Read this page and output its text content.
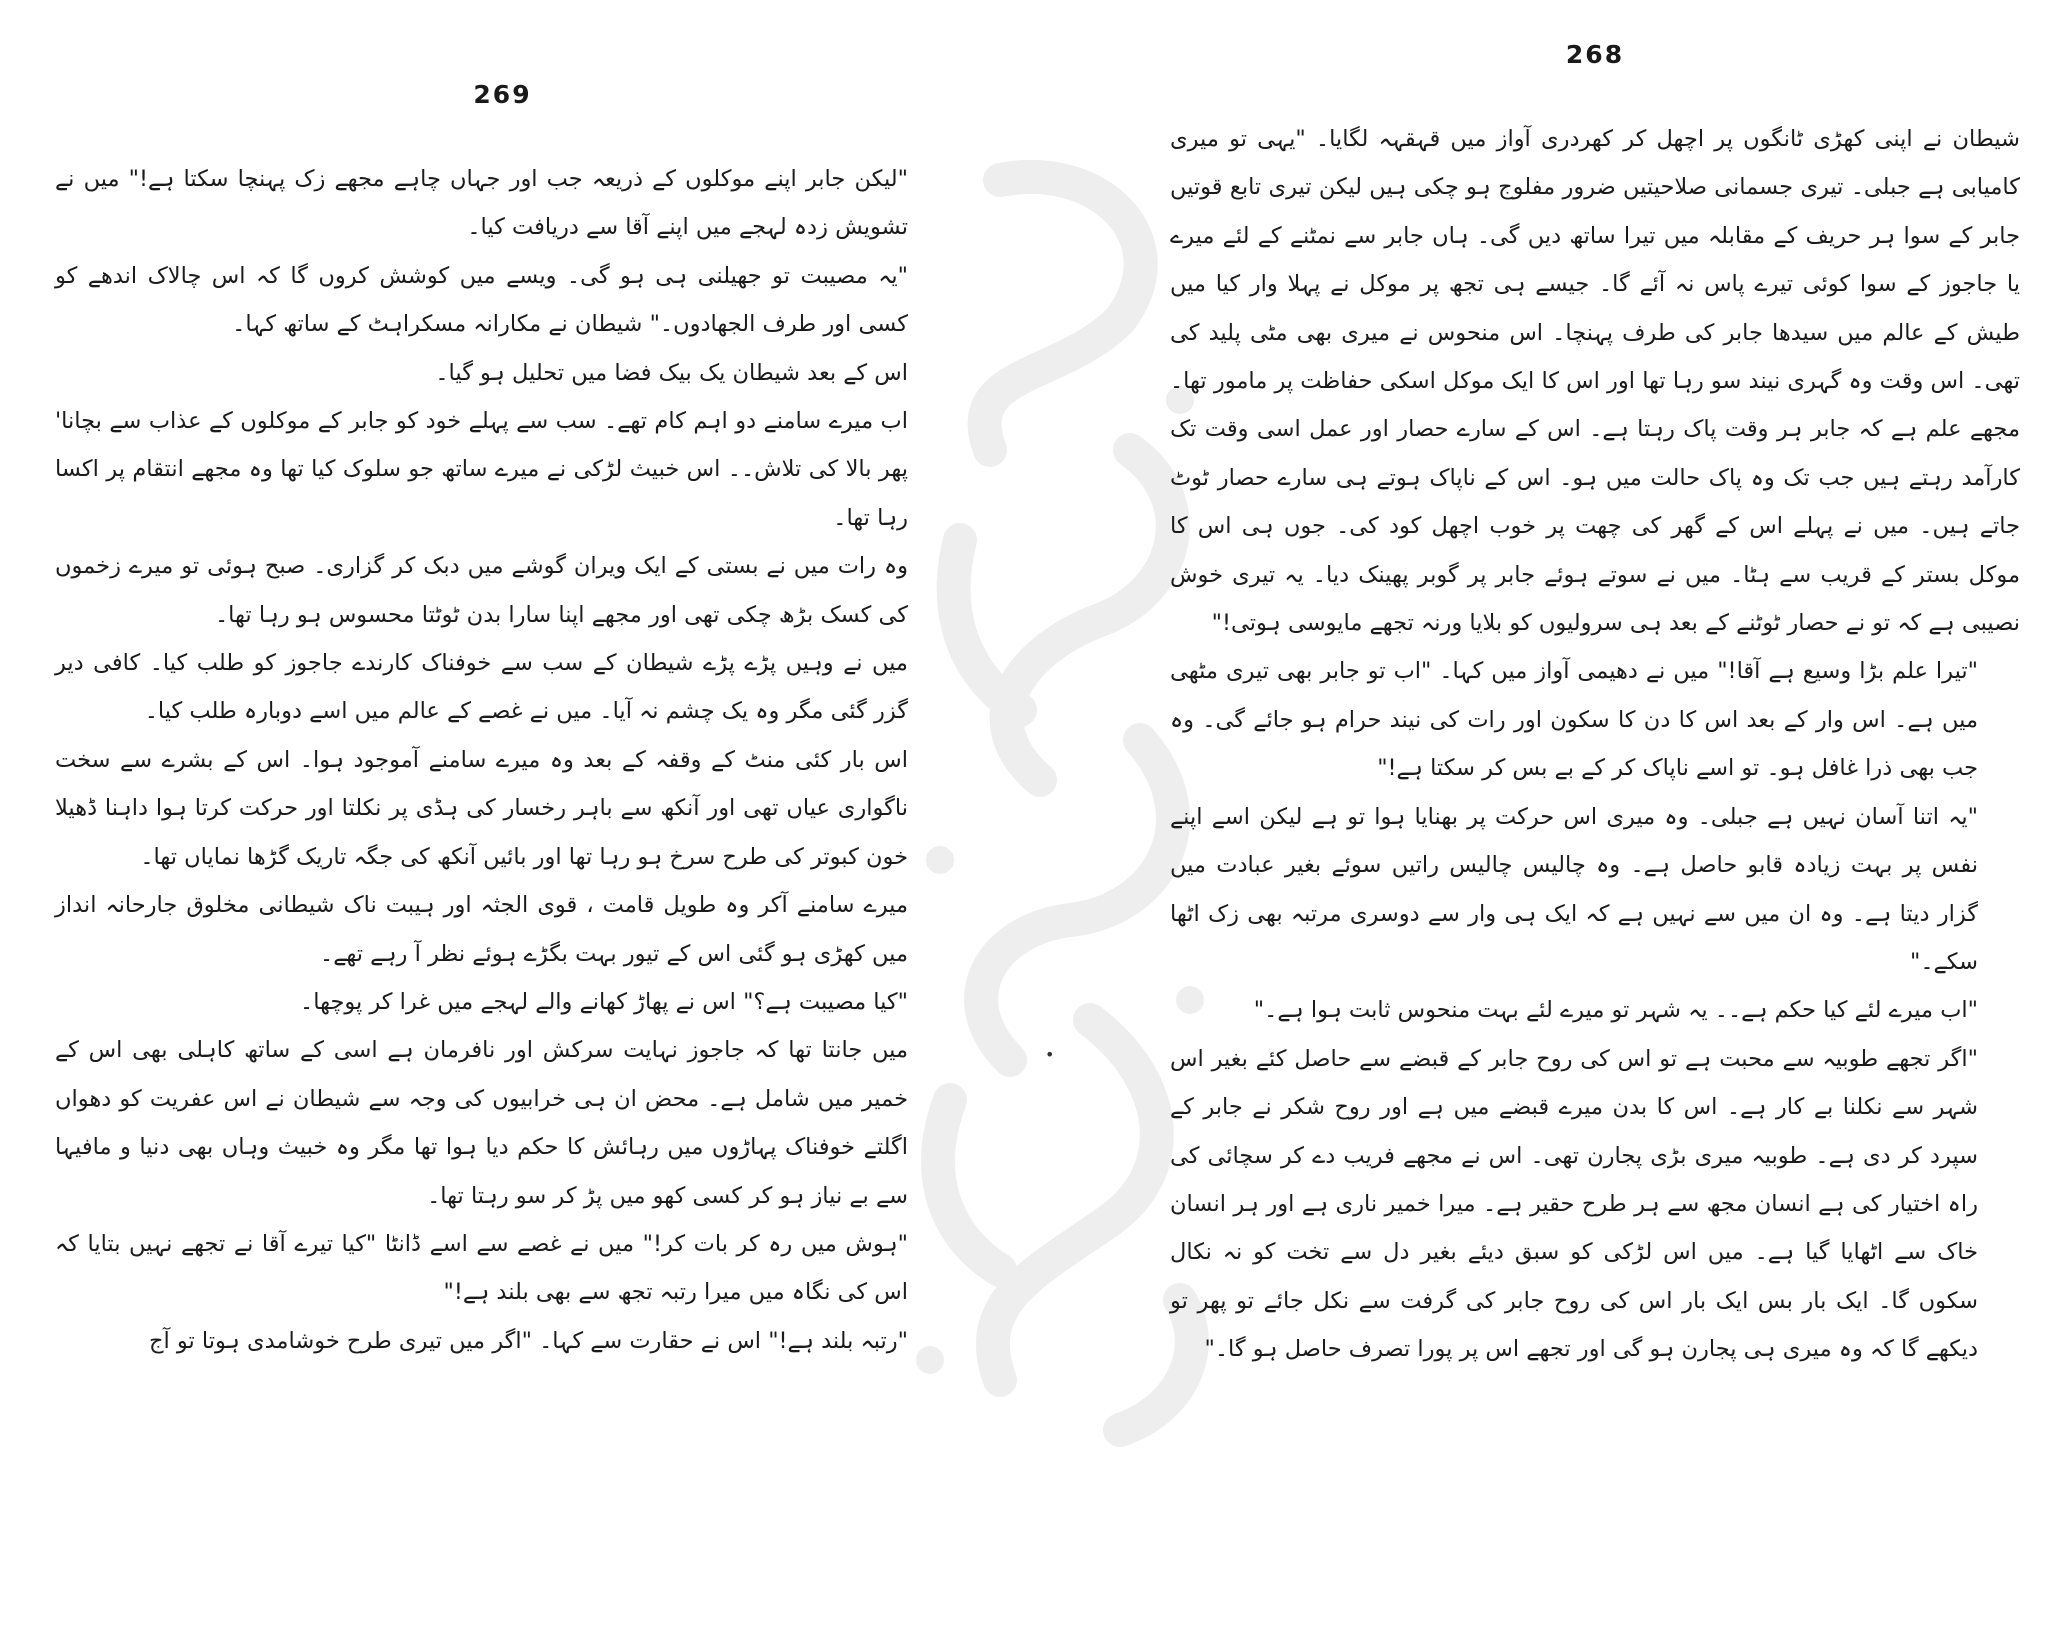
269

"لیکن جابر اپنے موکلوں کے ذریعہ جب اور جہاں چاہے مجھے زک پہنچا سکتا ہے!" میں نے تشویش زدہ لہجے میں اپنے آقا سے دریافت کیا۔

"یہ مصیبت تو جھیلنی ہی ہو گی۔ ویسے میں کوشش کروں گا کہ اس چالاک اندھے کو کسی اور طرف الجھادوں۔" شیطان نے مکارانہ مسکراہٹ کے ساتھ کہا۔

اس کے بعد شیطان یک بیک فضا میں تحلیل ہو گیا۔

اب میرے سامنے دو اہم کام تھے۔ سب سے پہلے خود کو جابر کے موکلوں کے عذاب سے بچانا' پھر بالا کی تلاش۔۔ اس خبیث لڑکی نے میرے ساتھ جو سلوک کیا تھا وہ مجھے انتقام پر اکسا رہا تھا۔

وہ رات میں نے بستی کے ایک ویران گوشے میں دبک کر گزاری۔ صبح ہوئی تو میرے زخموں کی کسک بڑھ چکی تھی اور مجھے اپنا سارا بدن ٹوٹتا محسوس ہو رہا تھا۔

میں نے وہیں پڑے پڑے شیطان کے سب سے خوفناک کارندے جاجوز کو طلب کیا۔ کافی دیر گزر گئی مگر وہ یک چشم نہ آیا۔ میں نے غصے کے عالم میں اسے دوبارہ طلب کیا۔

اس بار کئی منٹ کے وقفہ کے بعد وہ میرے سامنے آموجود ہوا۔ اس کے بشرے سے سخت ناگواری عیاں تھی اور آنکھ سے باہر رخسار کی ہڈی پر نکلتا اور حرکت کرتا ہوا داہنا ڈھیلا خون کبوتر کی طرح سرخ ہو رہا تھا اور بائیں آنکھ کی جگہ تاریک گڑھا نمایاں تھا۔

میرے سامنے آکر وہ طویل قامت ، قوی الجثہ اور ہیبت ناک شیطانی مخلوق جارحانہ انداز میں کھڑی ہو گئی اس کے تیور بہت بگڑے ہوئے نظر آ رہے تھے۔

"کیا مصیبت ہے؟" اس نے پھاڑ کھانے والے لہجے میں غرا کر پوچھا۔

میں جانتا تھا کہ جاجوز نہایت سرکش اور نافرمان ہے اسی کے ساتھ کاہلی بھی اس کے خمیر میں شامل ہے۔ محض ان ہی خرابیوں کی وجہ سے شیطان نے اس عفریت کو دھواں اگلتے خوفناک پہاڑوں میں رہائش کا حکم دیا ہوا تھا مگر وہ خبیث وہاں بھی دنیا و مافیہا سے بے نیاز ہو کر کسی کھو میں پڑ کر سو رہتا تھا۔

"ہوش میں رہ کر بات کر!" میں نے غصے سے اسے ڈانٹا "کیا تیرے آقا نے تجھے نہیں بتایا کہ اس کی نگاہ میں میرا رتبہ تجھ سے بھی بلند ہے!"

"رتبہ بلند ہے!" اس نے حقارت سے کہا۔ "اگر میں تیری طرح خوشامدی ہوتا تو آج

•
268

شیطان نے اپنی کھڑی ٹانگوں پر اچھل کر کھردری آواز میں قہقہہ لگایا۔ "یہی تو میری کامیابی ہے جبلی۔ تیری جسمانی صلاحیتیں ضرور مفلوج ہو چکی ہیں لیکن تیری تابع قوتیں جابر کے سوا ہر حریف کے مقابلہ میں تیرا ساتھ دیں گی۔ ہاں جابر سے نمٹنے کے لئے میرے یا جاجوز کے سوا کوئی تیرے پاس نہ آئے گا۔ جیسے ہی تجھ پر موکل نے پہلا وار کیا میں طیش کے عالم میں سیدھا جابر کی طرف پہنچا۔ اس منحوس نے میری بھی مٹی پلید کی تھی۔ اس وقت وہ گہری نیند سو رہا تھا اور اس کا ایک موکل اسکی حفاظت پر مامور تھا۔ مجھے علم ہے کہ جابر ہر وقت پاک رہتا ہے۔ اس کے سارے حصار اور عمل اسی وقت تک کارآمد رہتے ہیں جب تک وہ پاک حالت میں ہو۔ اس کے ناپاک ہوتے ہی سارے حصار ٹوٹ جاتے ہیں۔ میں نے پہلے اس کے گھر کی چھت پر خوب اچھل کود کی۔ جوں ہی اس کا موکل بستر کے قریب سے ہٹا۔ میں نے سوتے ہوئے جابر پر گوبر پھینک دیا۔ یہ تیری خوش نصیبی ہے کہ تو نے حصار ٹوٹنے کے بعد ہی سرولیوں کو بلایا ورنہ تجھے مایوسی ہوتی!"

"تیرا علم بڑا وسیع ہے آقا!" میں نے دھیمی آواز میں کہا۔ "اب تو جابر بھی تیری مٹھی میں ہے۔ اس وار کے بعد اس کا دن کا سکون اور رات کی نیند حرام ہو جائے گی۔ وہ جب بھی ذرا غافل ہو۔ تو اسے ناپاک کر کے بے بس کر سکتا ہے!"

"یہ اتنا آسان نہیں ہے جبلی۔ وہ میری اس حرکت پر بھنایا ہوا تو ہے لیکن اسے اپنے نفس پر بہت زیادہ قابو حاصل ہے۔ وہ چالیس چالیس راتیں سوئے بغیر عبادت میں گزار دیتا ہے۔ وہ ان میں سے نہیں ہے کہ ایک ہی وار سے دوسری مرتبہ بھی زک اٹھا سکے۔"

"اب میرے لئے کیا حکم ہے۔۔ یہ شہر تو میرے لئے بہت منحوس ثابت ہوا ہے۔"

"اگر تجھے طوبیہ سے محبت ہے تو اس کی روح جابر کے قبضے سے حاصل کئے بغیر اس شہر سے نکلنا بے کار ہے۔ اس کا بدن میرے قبضے میں ہے اور روح شکر نے جابر کے سپرد کر دی ہے۔ طوبیہ میری بڑی پجارن تھی۔ اس نے مجھے فریب دے کر سچائی کی راہ اختیار کی ہے انسان مجھ سے ہر طرح حقیر ہے۔ میرا خمیر ناری ہے اور ہر انسان خاک سے اٹھایا گیا ہے۔ میں اس لڑکی کو سبق دیئے بغیر دل سے تخت کو نہ نکال سکوں گا۔ ایک بار بس ایک بار اس کی روح جابر کی گرفت سے نکل جائے تو پھر تو دیکھے گا کہ وہ میری ہی پجارن ہو گی اور تجھے اس پر پورا تصرف حاصل ہو گا۔"
